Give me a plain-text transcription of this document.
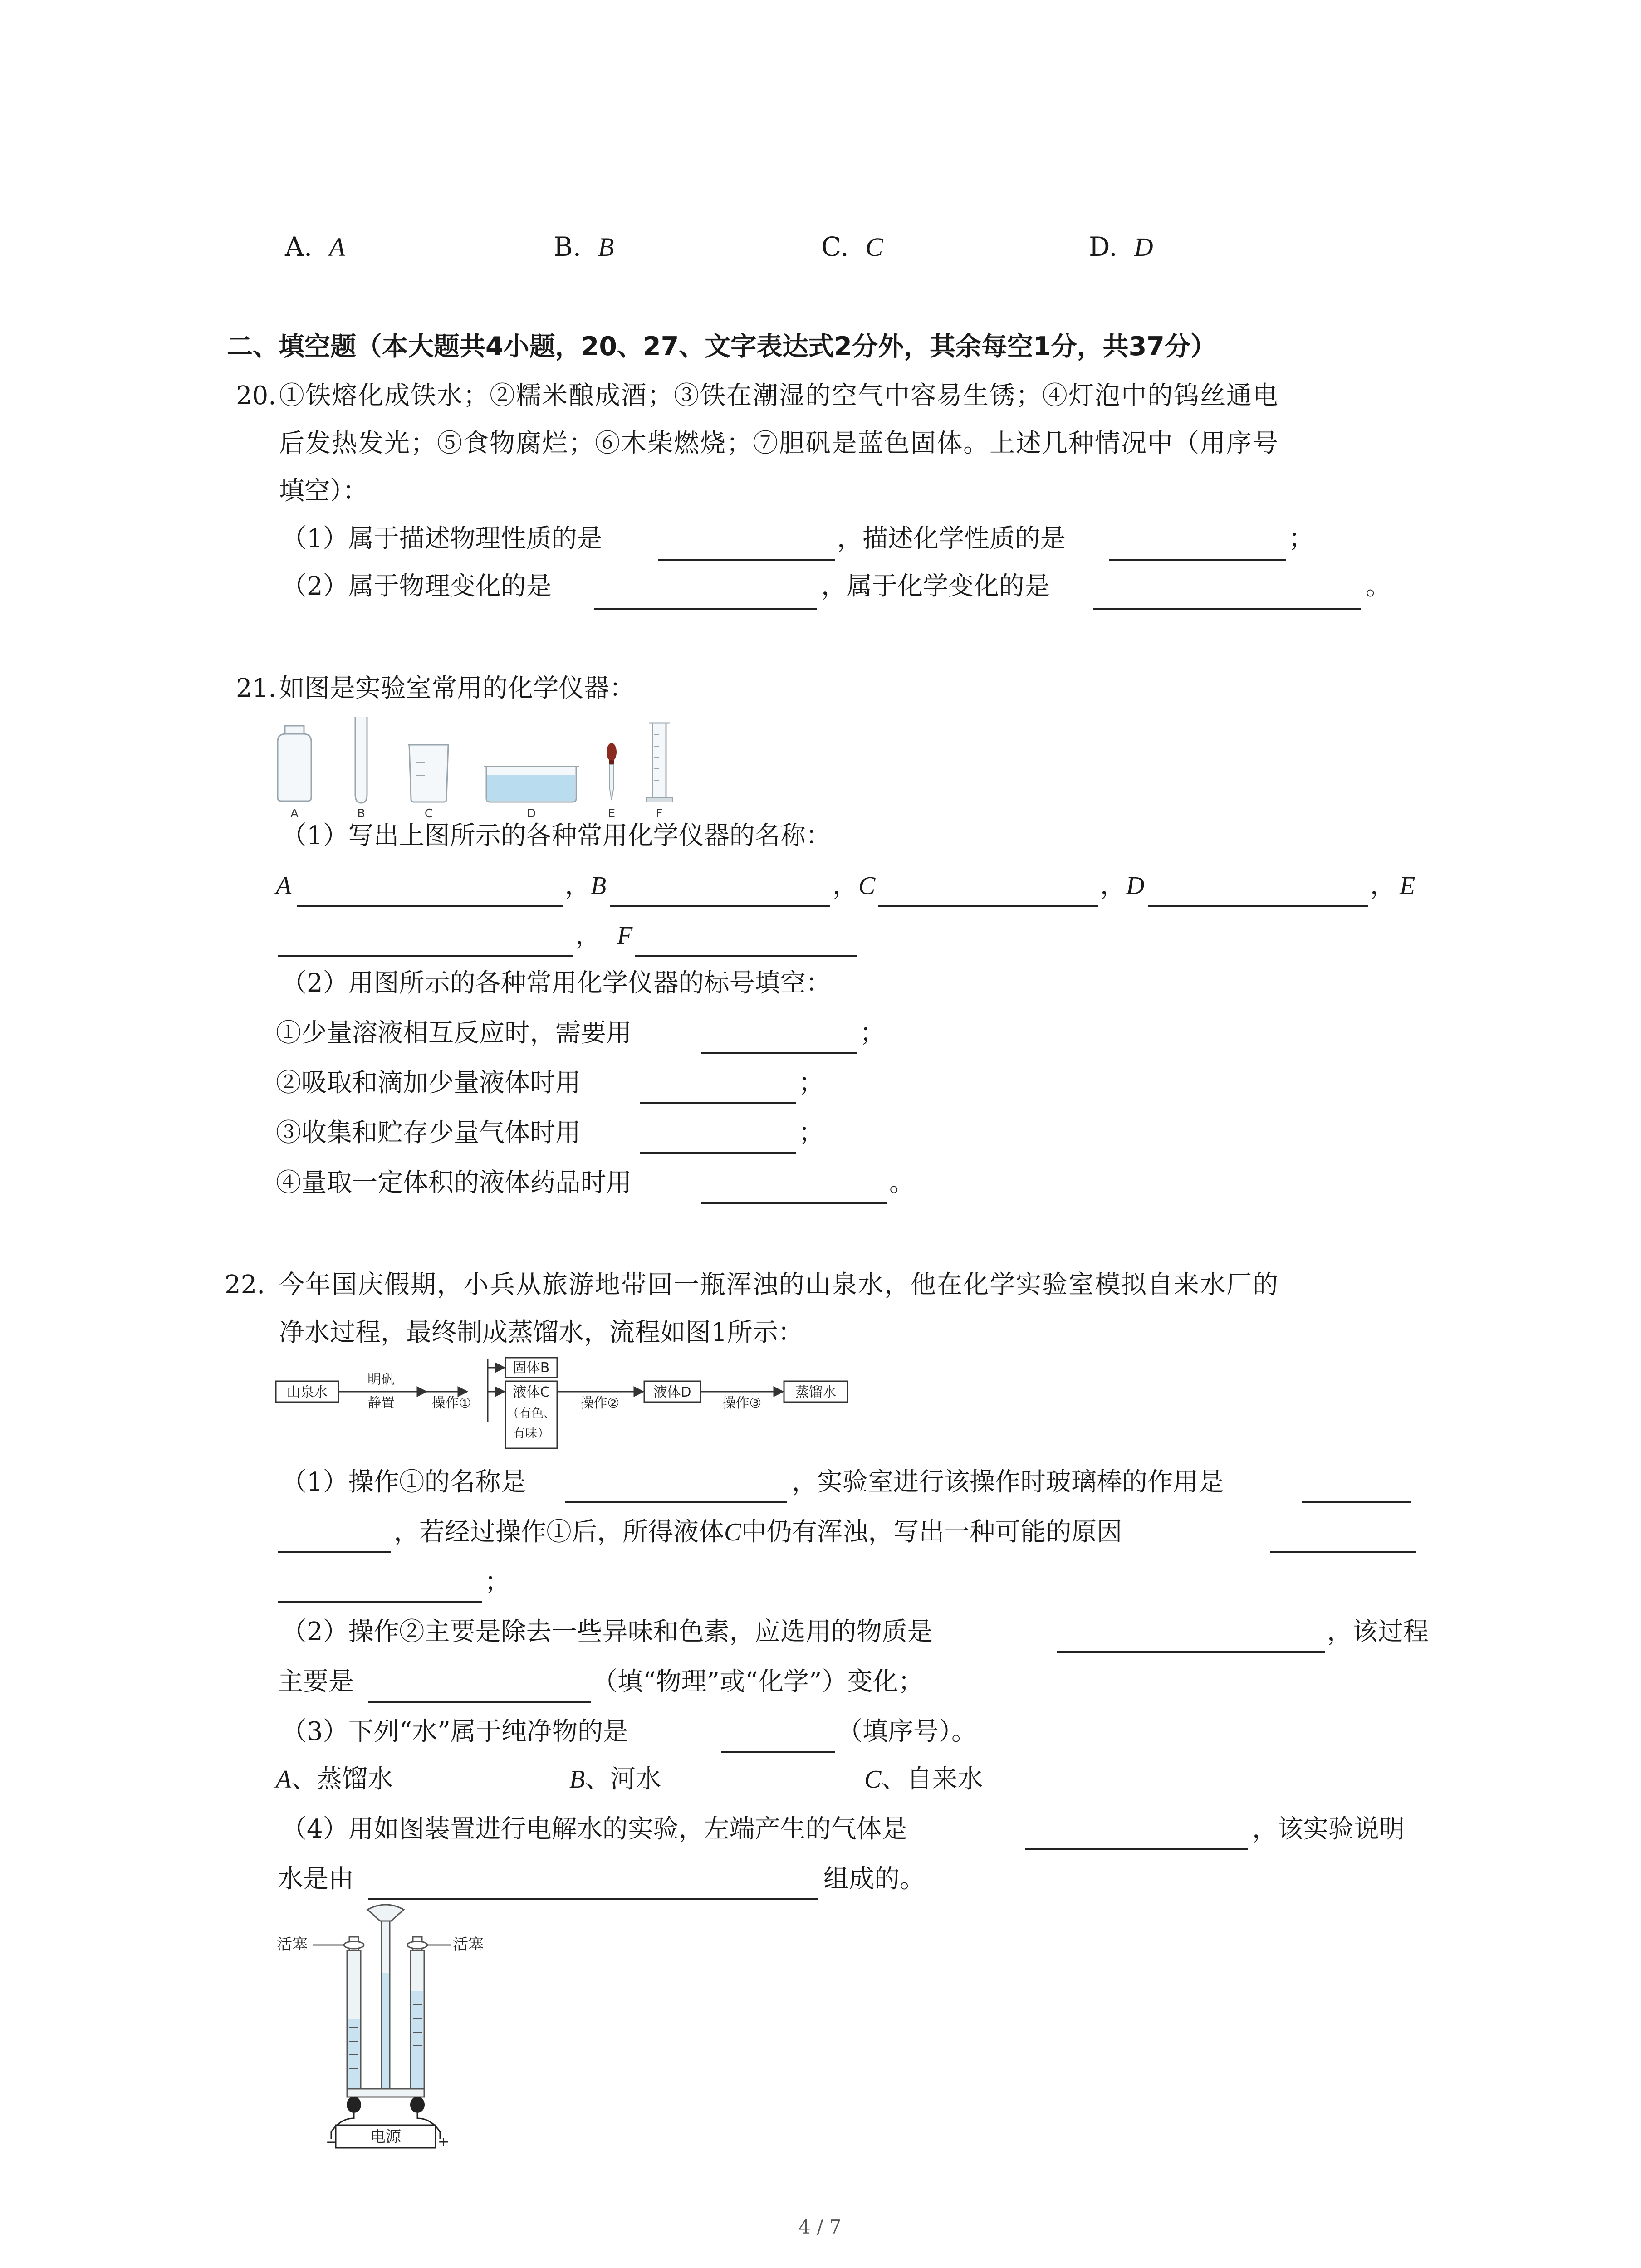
A. A	B. B	C. C	D. D
二、填空题（本大题共4小题，20、27、文字表达式2分外，其余每空1分，共37分）
20. ①铁熔化成铁水；②糯米酿成酒；③铁在潮湿的空气中容易生锈；④灯泡中的钨丝通电
后发热发光；⑤食物腐烂；⑥木柴燃烧；⑦胆矾是蓝色固体。上述几种情况中（用序号
填空）：
（1）属于描述物理性质的是	，描述化学性质的是	；
（2）属于物理变化的是	，属于化学变化的是	。
21. 如图是实验室常用的化学仪器：
A	B	C	D	E	F
（1）写出上图所示的各种常用化学仪器的名称：
A	， B	， C	， D	， E
， F
（2）用图所示的各种常用化学仪器的标号填空：
①少量溶液相互反应时，需要用	；
②吸取和滴加少量液体时用	；
③收集和贮存少量气体时用	；
④量取一定体积的液体药品时用	。
22. 今年国庆假期，小兵从旅游地带回一瓶浑浊的山泉水，他在化学实验室模拟自来水厂的
净水过程，最终制成蒸馏水，流程如图1所示：
山泉水
明矾
静置	操作①
固体B
液体C
（有色、
有味）
操作②
液体D
操作③
蒸馏水
（1）操作①的名称是	，实验室进行该操作时玻璃棒的作用是
，若经过操作①后，所得液体C中仍有浑浊，写出一种可能的原因
；
（2）操作②主要是除去一些异味和色素，应选用的物质是	，该过程
主要是	（填“物理”或“化学”）变化；
（3）下列“水”属于纯净物的是	（填序号）。
A、蒸馏水	B、河水	C、自来水
（4）用如图装置进行电解水的实验，左端产生的气体是	，该实验说明
水是由	组成的。
活塞	活塞
电源
−	+
4 / 7
